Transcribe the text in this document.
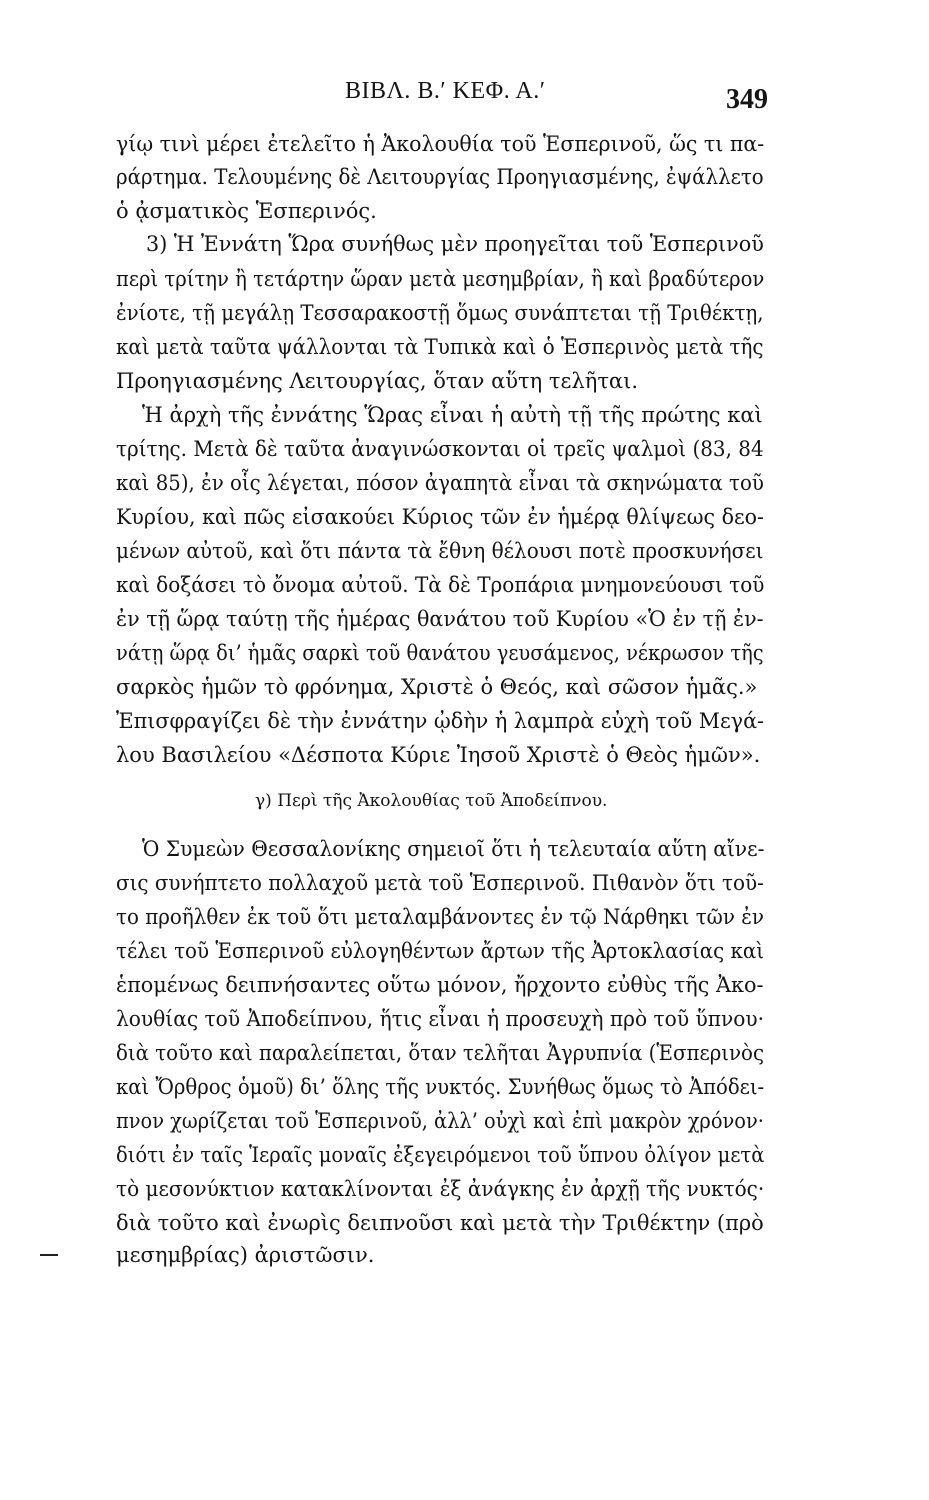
ΒΙΒΛ. Β.′ ΚΕΦ. Α.′	349
γίῳ τινὶ μέρει ἐτελεῖτο ἡ Ἀκολουθία τοῦ Ἑσπερινοῦ, ὥς τι πα-
ράρτημα. Τελουμένης δὲ Λειτουργίας Προηγιασμένης, ἐψάλλετο
ὁ ᾀσματικὸς Ἑσπερινός.
3) Ἡ Ἐννάτη Ὥρα συνήθως μὲν προηγεῖται τοῦ Ἑσπερινοῦ
περὶ τρίτην ἢ τετάρτην ὥραν μετὰ μεσημβρίαν, ἢ καὶ βραδύτερον
ἐνίοτε, τῇ μεγάλῃ Τεσσαρακοστῇ ὅμως συνάπτεται τῇ Τριθέκτῃ,
καὶ μετὰ ταῦτα ψάλλονται τὰ Τυπικὰ καὶ ὁ Ἑσπερινὸς μετὰ τῆς
Προηγιασμένης Λειτουργίας, ὅταν αὕτη τελῆται.
Ἡ ἀρχὴ τῆς ἐννάτης Ὥρας εἶναι ἡ αὐτὴ τῇ τῆς πρώτης καὶ
τρίτης. Μετὰ δὲ ταῦτα ἀναγινώσκονται οἱ τρεῖς ψαλμοὶ (83, 84
καὶ 85), ἐν οἷς λέγεται, πόσον ἀγαπητὰ εἶναι τὰ σκηνώματα τοῦ
Κυρίου, καὶ πῶς εἰσακούει Κύριος τῶν ἐν ἡμέρᾳ θλίψεως δεο-
μένων αὐτοῦ, καὶ ὅτι πάντα τὰ ἔθνη θέλουσι ποτὲ προσκυνήσει
καὶ δοξάσει τὸ ὄνομα αὐτοῦ. Τὰ δὲ Τροπάρια μνημονεύουσι τοῦ
ἐν τῇ ὥρᾳ ταύτῃ τῆς ἡμέρας θανάτου τοῦ Κυρίου «Ὁ ἐν τῇ ἐν-
νάτῃ ὥρᾳ δι’ ἡμᾶς σαρκὶ τοῦ θανάτου γευσάμενος, νέκρωσον τῆς
σαρκὸς ἡμῶν τὸ φρόνημα, Χριστὲ ὁ Θεός, καὶ σῶσον ἡμᾶς.»
Ἐπισφραγίζει δὲ τὴν ἐννάτην ᾠδὴν ἡ λαμπρὰ εὐχὴ τοῦ Μεγά-
λου Βασιλείου «Δέσποτα Κύριε Ἰησοῦ Χριστὲ ὁ Θεὸς ἡμῶν».
γ) Περὶ τῆς Ἀκολουθίας τοῦ Ἀποδείπνου.
Ὁ Συμεὼν Θεσσαλονίκης σημειοῖ ὅτι ἡ τελευταία αὕτη αἴνε-
σις συνήπτετο πολλαχοῦ μετὰ τοῦ Ἑσπερινοῦ. Πιθανὸν ὅτι τοῦ-
το προῆλθεν ἐκ τοῦ ὅτι μεταλαμβάνοντες ἐν τῷ Νάρθηκι τῶν ἐν
τέλει τοῦ Ἑσπερινοῦ εὐλογηθέντων ἄρτων τῆς Ἀρτοκλασίας καὶ
ἑπομένως δειπνήσαντες οὕτω μόνον, ἤρχοντο εὐθὺς τῆς Ἀκο-
λουθίας τοῦ Ἀποδείπνου, ἥτις εἶναι ἡ προσευχὴ πρὸ τοῦ ὕπνου·
διὰ τοῦτο καὶ παραλείπεται, ὅταν τελῆται Ἀγρυπνία (Ἑσπερινὸς
καὶ Ὄρθρος ὁμοῦ) δι’ ὅλης τῆς νυκτός. Συνήθως ὅμως τὸ Ἀπόδει-
πνον χωρίζεται τοῦ Ἑσπερινοῦ, ἀλλ’ οὐχὶ καὶ ἐπὶ μακρὸν χρόνον·
διότι ἐν ταῖς Ἱεραῖς μοναῖς ἐξεγειρόμενοι τοῦ ὕπνου ὀλίγον μετὰ
τὸ μεσονύκτιον κατακλίνονται ἐξ ἀνάγκης ἐν ἀρχῇ τῆς νυκτός·
διὰ τοῦτο καὶ ἐνωρὶς δειπνοῦσι καὶ μετὰ τὴν Τριθέκτην (πρὸ
μεσημβρίας) ἀριστῶσιν.
